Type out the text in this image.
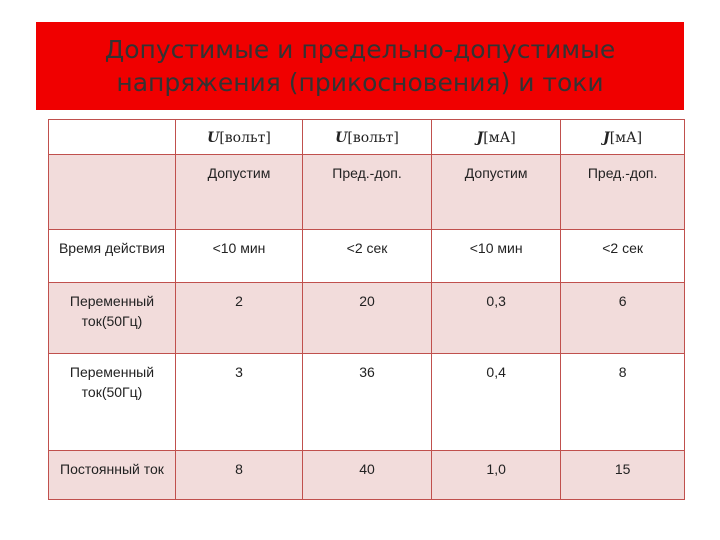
Допустимые и предельно-допустимые
напряжения (прикосновения) и токи
	U[вольт]	U[вольт]	J[мА]	J[мА]
	Допустим	Пред.-доп.	Допустим	Пред.-доп.
Время действия	<10 мин	<2 сек	<10 мин	<2 сек
Переменный ток(50Гц)	2	20	0,3	6
Переменный ток(50Гц)	3	36	0,4	8
Постоянный ток	8	40	1,0	15
